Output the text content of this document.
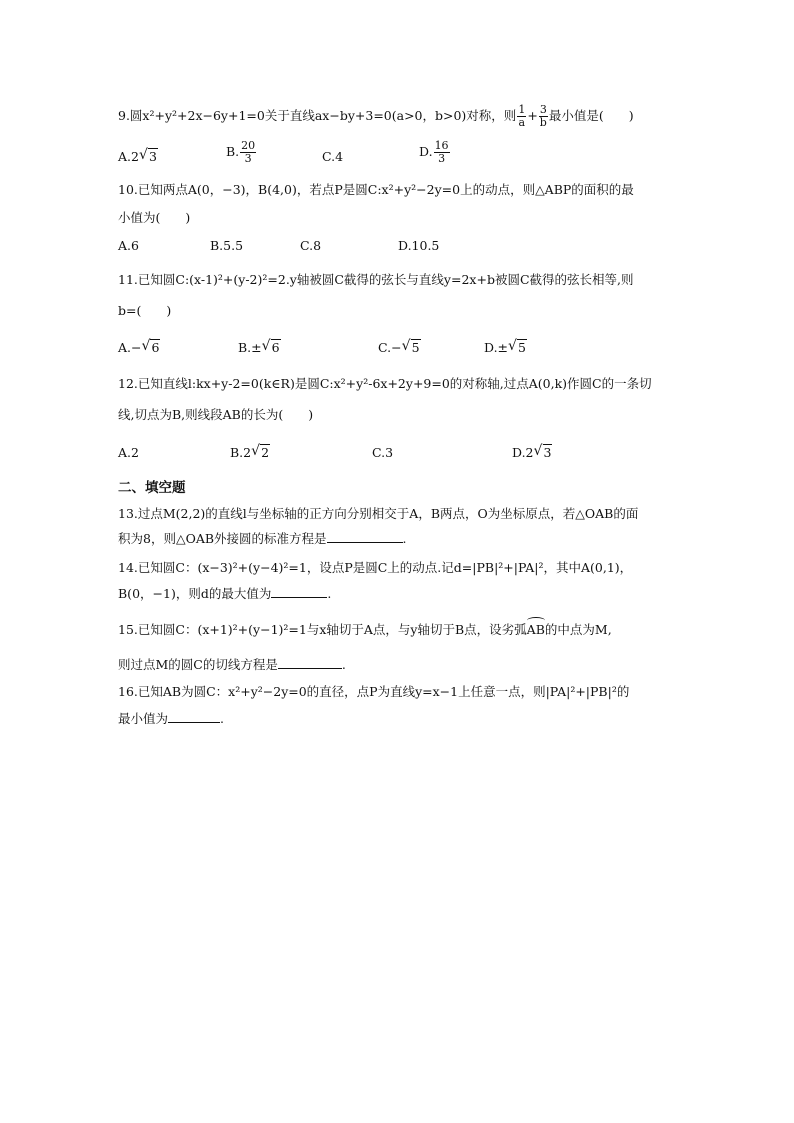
9.圆x²+y²+2x−6y+1=0关于直线ax−by+3=0(a>0，b>0)对称，则 $\frac{1}{a} + \frac{3}{b}$ 最小值是(　　)
A.2 √ 3	B. $\frac{20}{3}$	C.4	D. $\frac{16}{3}$
10.已知两点A(0，−3)，B(4,0)，若点P是圆C:x²+y²−2y=0上的动点，则△ABP的面积的最
小值为(　　)
A.6	B.5.5	C.8	D.10.5
11.已知圆C:(x-1)²+(y-2)²=2.y轴被圆C截得的弦长与直线y=2x+b被圆C截得的弦长相等,则
b=(　　)
A.− √ 6	B.± √ 6	C.− √ 5	D.± √ 5
12.已知直线l:kx+y-2=0(k∈R)是圆C:x²+y²-6x+2y+9=0的对称轴,过点A(0,k)作圆C的一条切
线,切点为B,则线段AB的长为(　　)
A.2	B.2 √ 2	C.3	D.2 √ 3
二、填空题
13.过点M(2,2)的直线l与坐标轴的正方向分别相交于A，B两点，O为坐标原点，若△OAB的面
积为8，则△OAB外接圆的标准方程是	.
14.已知圆C：(x−3)²+(y−4)²=1，设点P是圆C上的动点.记d=|PB|²+|PA|²，其中A(0,1)，
B(0，−1)，则d的最大值为	.
15.已知圆C：(x+1)²+(y−1)²=1与x轴切于A点，与y轴切于B点，设劣弧AB的中点为M,
则过点M的圆C的切线方程是	.
16.已知AB为圆C：x²+y²−2y=0的直径，点P为直线y=x−1上任意一点，则|PA|²+|PB|²的
最小值为	.
